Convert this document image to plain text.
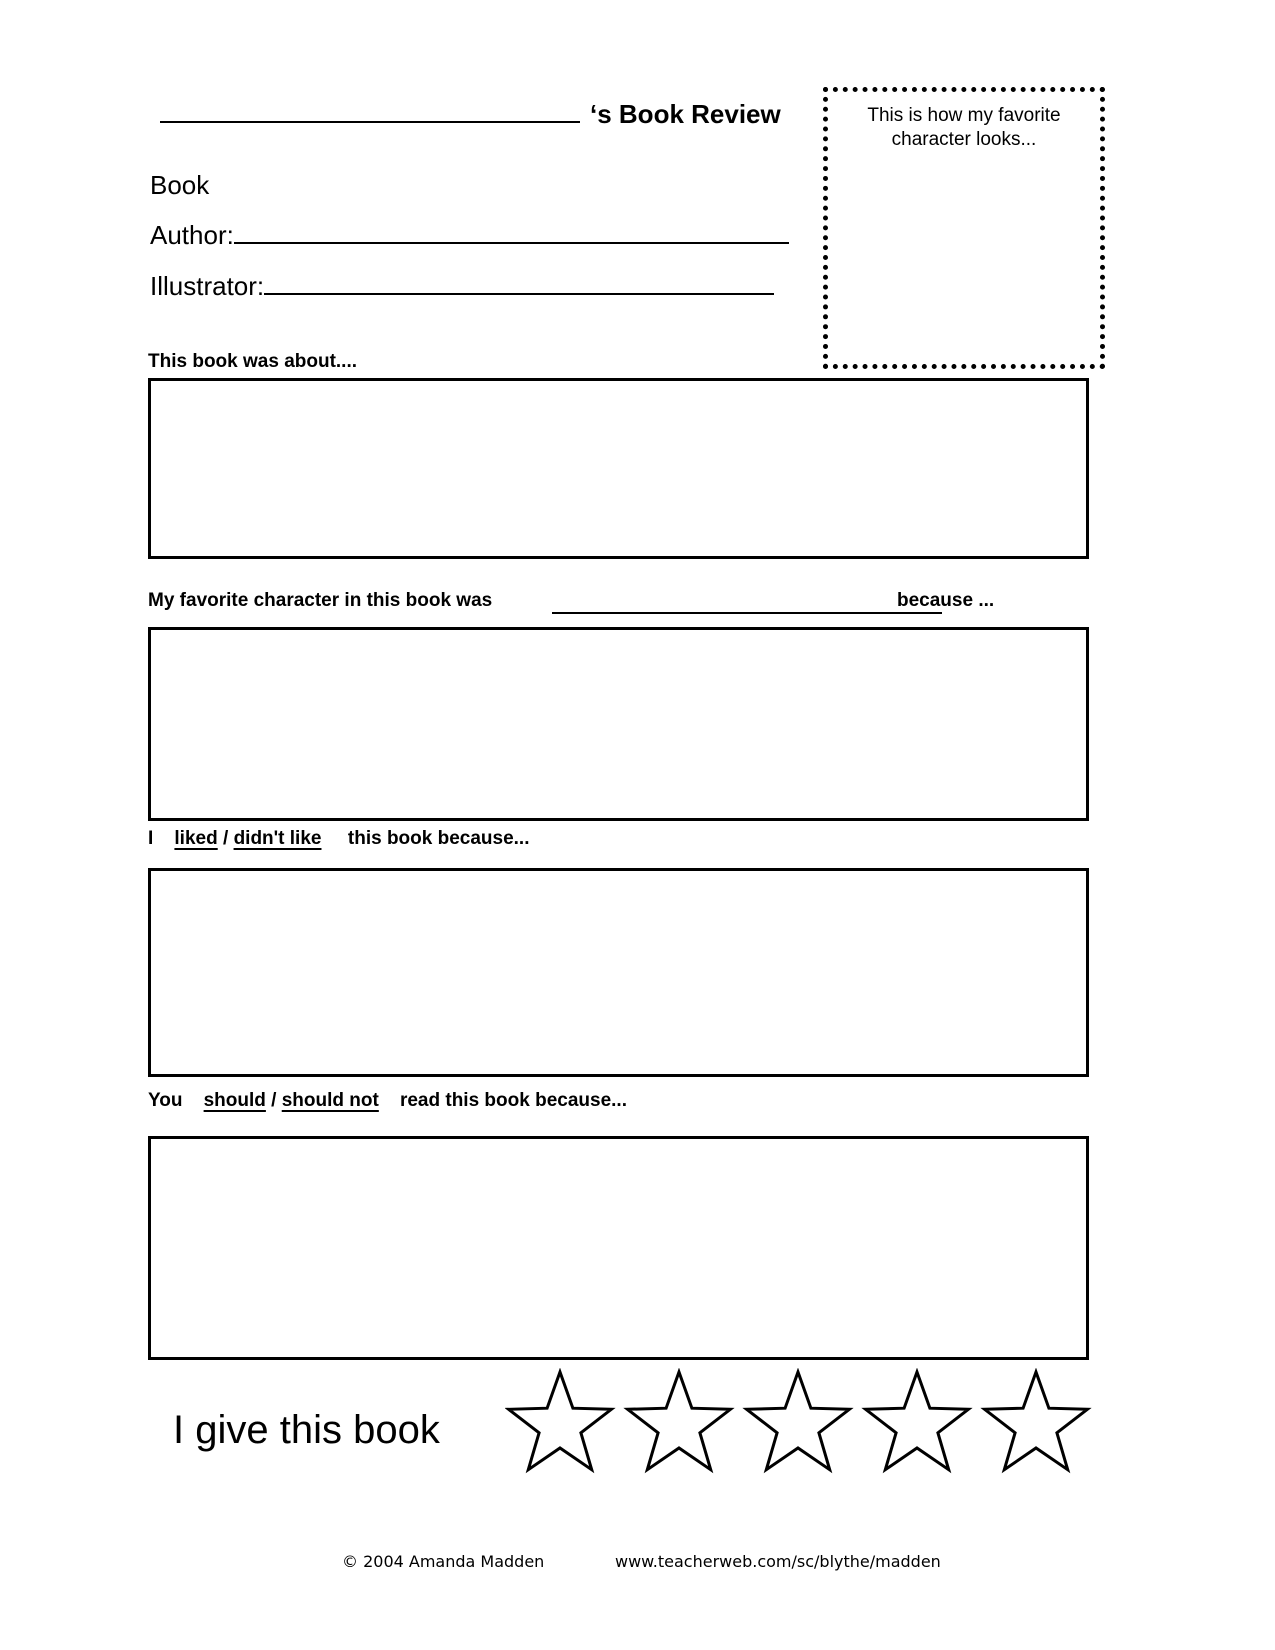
‘s Book Review	This is how my favorite
character looks...
Book
Author:
Illustrator:
This book was about....
My favorite character in this book was	because ...
I liked / didn't like this book because...
You should / should not read this book because...
I give this book
© 2004 Amanda Madden	www.teacherweb.com/sc/blythe/madden
